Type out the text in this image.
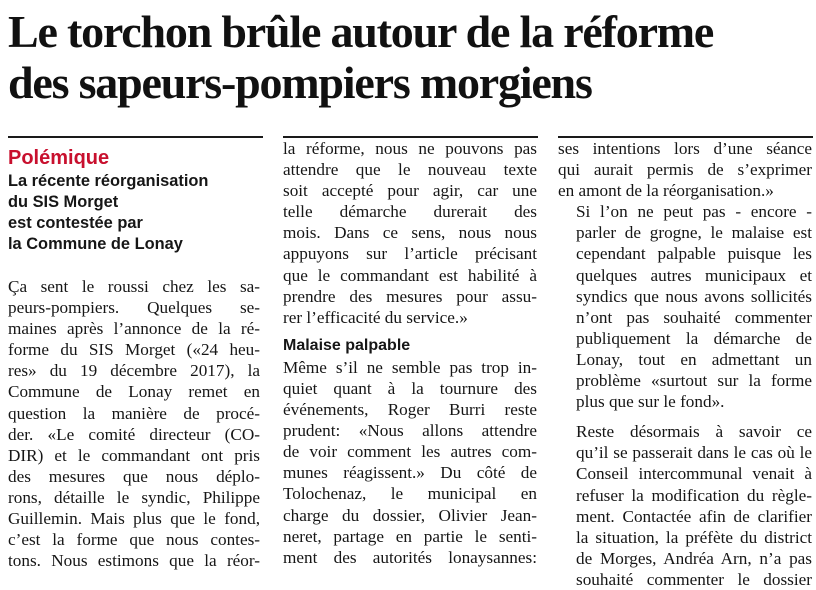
Le torchon brûle autour de la réforme
des sapeurs-pompiers morgiens
Polémique
La récente réorganisation
du SIS Morget
est contestée par
la Commune de Lonay

Ça sent le roussi chez les sa-
peurs-pompiers. Quelques se-
maines après l’annonce de la ré-
forme du SIS Morget («24 heu-
res» du 19 décembre 2017), la
Commune de Lonay remet en
question la manière de procé-
der. «Le comité directeur (CO-
DIR) et le commandant ont pris
des mesures que nous déplo-
rons, détaille le syndic, Philippe
Guillemin. Mais plus que le fond,
c’est la forme que nous contes-
tons. Nous estimons que la réor-

la réforme, nous ne pouvons pas
attendre que le nouveau texte
soit accepté pour agir, car une
telle démarche durerait des
mois. Dans ce sens, nous nous
appuyons sur l’article précisant
que le commandant est habilité à
prendre des mesures pour assu-
rer l’efficacité du service.»

Malaise palpable

Même s’il ne semble pas trop in-
quiet quant à la tournure des
événements, Roger Burri reste
prudent: «Nous allons attendre
de voir comment les autres com-
munes réagissent.» Du côté de
Tolochenaz, le municipal en
charge du dossier, Olivier Jean-
neret, partage en partie le senti-
ment des autorités lonaysannes:

ses intentions lors d’une séance
qui aurait permis de s’exprimer
en amont de la réorganisation.»

Si l’on ne peut pas - encore -
parler de grogne, le malaise est
cependant palpable puisque les
quelques autres municipaux et
syndics que nous avons sollicités
n’ont pas souhaité commenter
publiquement la démarche de
Lonay, tout en admettant un
problème «surtout sur la forme
plus que sur le fond».

Reste désormais à savoir ce
qu’il se passerait dans le cas où le
Conseil intercommunal venait à
refuser la modification du règle-
ment. Contactée afin de clarifier
la situation, la préfète du district
de Morges, Andréa Arn, n’a pas
souhaité commenter le dossier
